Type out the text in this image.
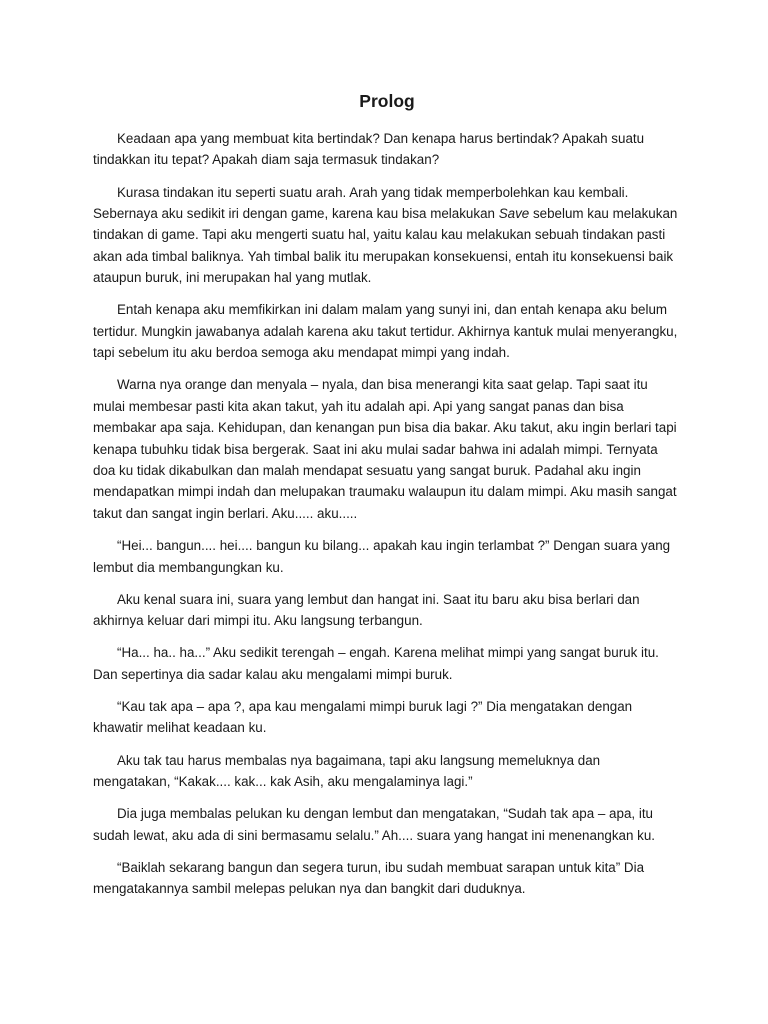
Prolog

Keadaan apa yang membuat kita bertindak? Dan kenapa harus bertindak? Apakah suatu tindakkan itu tepat? Apakah diam saja termasuk tindakan?

Kurasa tindakan itu seperti suatu arah. Arah yang tidak memperbolehkan kau kembali. Sebernaya aku sedikit iri dengan game, karena kau bisa melakukan Save sebelum kau melakukan tindakan di game. Tapi aku mengerti suatu hal, yaitu kalau kau melakukan sebuah tindakan pasti akan ada timbal baliknya. Yah timbal balik itu merupakan konsekuensi, entah itu konsekuensi baik ataupun buruk, ini merupakan hal yang mutlak.

Entah kenapa aku memfikirkan ini dalam malam yang sunyi ini, dan entah kenapa aku belum tertidur. Mungkin jawabanya adalah karena aku takut tertidur. Akhirnya kantuk mulai menyerangku, tapi sebelum itu aku berdoa semoga aku mendapat mimpi yang indah.

Warna nya orange dan menyala – nyala, dan bisa menerangi kita saat gelap. Tapi saat itu mulai membesar pasti kita akan takut, yah itu adalah api. Api yang sangat panas dan bisa membakar apa saja. Kehidupan, dan kenangan pun bisa dia bakar. Aku takut, aku ingin berlari tapi kenapa tubuhku tidak bisa bergerak. Saat ini aku mulai sadar bahwa ini adalah mimpi. Ternyata doa ku tidak dikabulkan dan malah mendapat sesuatu yang sangat buruk. Padahal aku ingin mendapatkan mimpi indah dan melupakan traumaku walaupun itu dalam mimpi. Aku masih sangat takut dan sangat ingin berlari. Aku..... aku.....

“Hei... bangun.... hei.... bangun ku bilang... apakah kau ingin terlambat ?” Dengan suara yang lembut dia membangungkan ku.

Aku kenal suara ini, suara yang lembut dan hangat ini. Saat itu baru aku bisa berlari dan akhirnya keluar dari mimpi itu. Aku langsung terbangun.

“Ha... ha.. ha...” Aku sedikit terengah – engah. Karena melihat mimpi yang sangat buruk itu. Dan sepertinya dia sadar kalau aku mengalami mimpi buruk.

“Kau tak apa – apa ?, apa kau mengalami mimpi buruk lagi ?” Dia mengatakan dengan khawatir melihat keadaan ku.

Aku tak tau harus membalas nya bagaimana, tapi aku langsung memeluknya dan mengatakan, “Kakak.... kak... kak Asih, aku mengalaminya lagi.”

Dia juga membalas pelukan ku dengan lembut dan mengatakan, “Sudah tak apa – apa, itu sudah lewat, aku ada di sini bermasamu selalu.” Ah.... suara yang hangat ini menenangkan ku.

“Baiklah sekarang bangun dan segera turun, ibu sudah membuat sarapan untuk kita” Dia mengatakannya sambil melepas pelukan nya dan bangkit dari duduknya.
